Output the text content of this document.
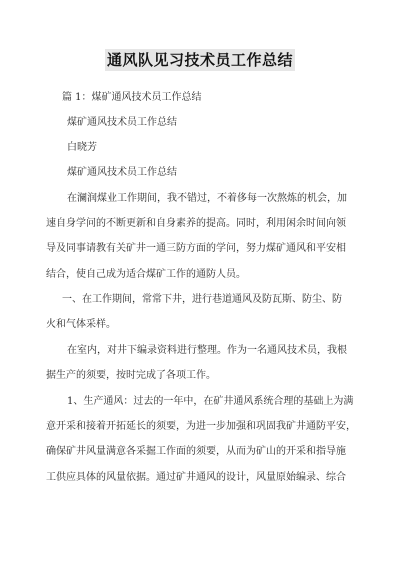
通风队见习技术员工作总结
篇 1：煤矿通风技术员工作总结
煤矿通风技术员工作总结
白晓芳
煤矿通风技术员工作总结
在澜润煤业工作期间，我不错过，不着侈每一次熬炼的机会，加
速自身学问的不断更新和自身素养的提高。同时，利用闲余时间向领
导及同事请教有关矿井一通三防方面的学问，努力煤矿通风和平安相
结合，使自己成为适合煤矿工作的通防人员。
一、在工作期间，常常下井，进行巷道通风及防瓦斯、防尘、防
火和气体采样。
在室内，对井下编录资料进行整理。作为一名通风技术员，我根
据生产的须要，按时完成了各项工作。
1、生产通风：过去的一年中，在矿井通风系统合理的基础上为满
意开采和接着开拓延长的须要，为进一步加强和巩固我矿井通防平安，
确保矿井风量满意各采掘工作面的须要，从而为矿山的开采和指导施
工供应具体的风量依据。通过矿井通风的设计，风量原始编录、综合
